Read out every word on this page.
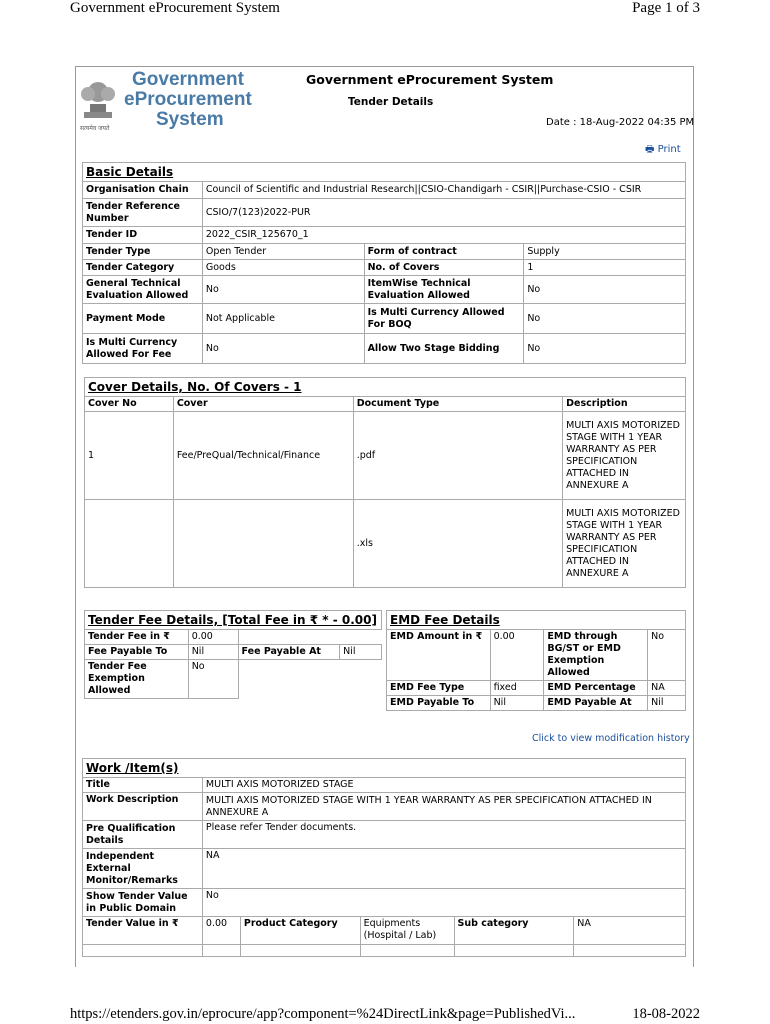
Government eProcurement System	Page 1 of 3
सत्यमेव जयते
Government
eProcurement
System
Government eProcurement System
Tender Details
Date : 18-Aug-2022 04:35 PM
🖶 Print
Basic Details			
Organisation Chain	Council of Scientific and Industrial Research||CSIO-Chandigarh - CSIR||Purchase-CSIO - CSIR		
Tender Reference Number	CSIO/7(123)2022-PUR		
Tender ID	2022_CSIR_125670_1		
Tender Type	Open Tender	Form of contract	Supply
Tender Category	Goods	No. of Covers	1
General Technical Evaluation Allowed	No	ItemWise Technical Evaluation Allowed	No
Payment Mode	Not Applicable	Is Multi Currency Allowed For BOQ	No
Is Multi Currency Allowed For Fee	No	Allow Two Stage Bidding	No
Cover Details, No. Of Covers - 1			
Cover No	Cover	Document Type	Description
1	Fee/PreQual/Technical/Finance	.pdf	MULTI AXIS MOTORIZED STAGE WITH 1 YEAR WARRANTY AS PER SPECIFICATION ATTACHED IN ANNEXURE A
		.xls	MULTI AXIS MOTORIZED STAGE WITH 1 YEAR WARRANTY AS PER SPECIFICATION ATTACHED IN ANNEXURE A
Tender Fee Details, [Total Fee in ₹ * - 0.00]			
Tender Fee in ₹	0.00		
Fee Payable To	Nil	Fee Payable At	Nil
Tender Fee Exemption Allowed	No		
EMD Fee Details			
EMD Amount in ₹	0.00	EMD through BG/ST or EMD Exemption Allowed	No
EMD Fee Type	fixed	EMD Percentage	NA
EMD Payable To	Nil	EMD Payable At	Nil
Click to view modification history
Work /Item(s)					
Title	MULTI AXIS MOTORIZED STAGE				
Work Description	MULTI AXIS MOTORIZED STAGE WITH 1 YEAR WARRANTY AS PER SPECIFICATION ATTACHED IN ANNEXURE A				
Pre Qualification Details	Please refer Tender documents.				
Independent External Monitor/Remarks	NA				
Show Tender Value in Public Domain	No				
Tender Value in ₹	0.00	Product Category	Equipments (Hospital / Lab)	Sub category	NA

https://etenders.gov.in/eprocure/app?component=%24DirectLink&page=PublishedVi...	18-08-2022
